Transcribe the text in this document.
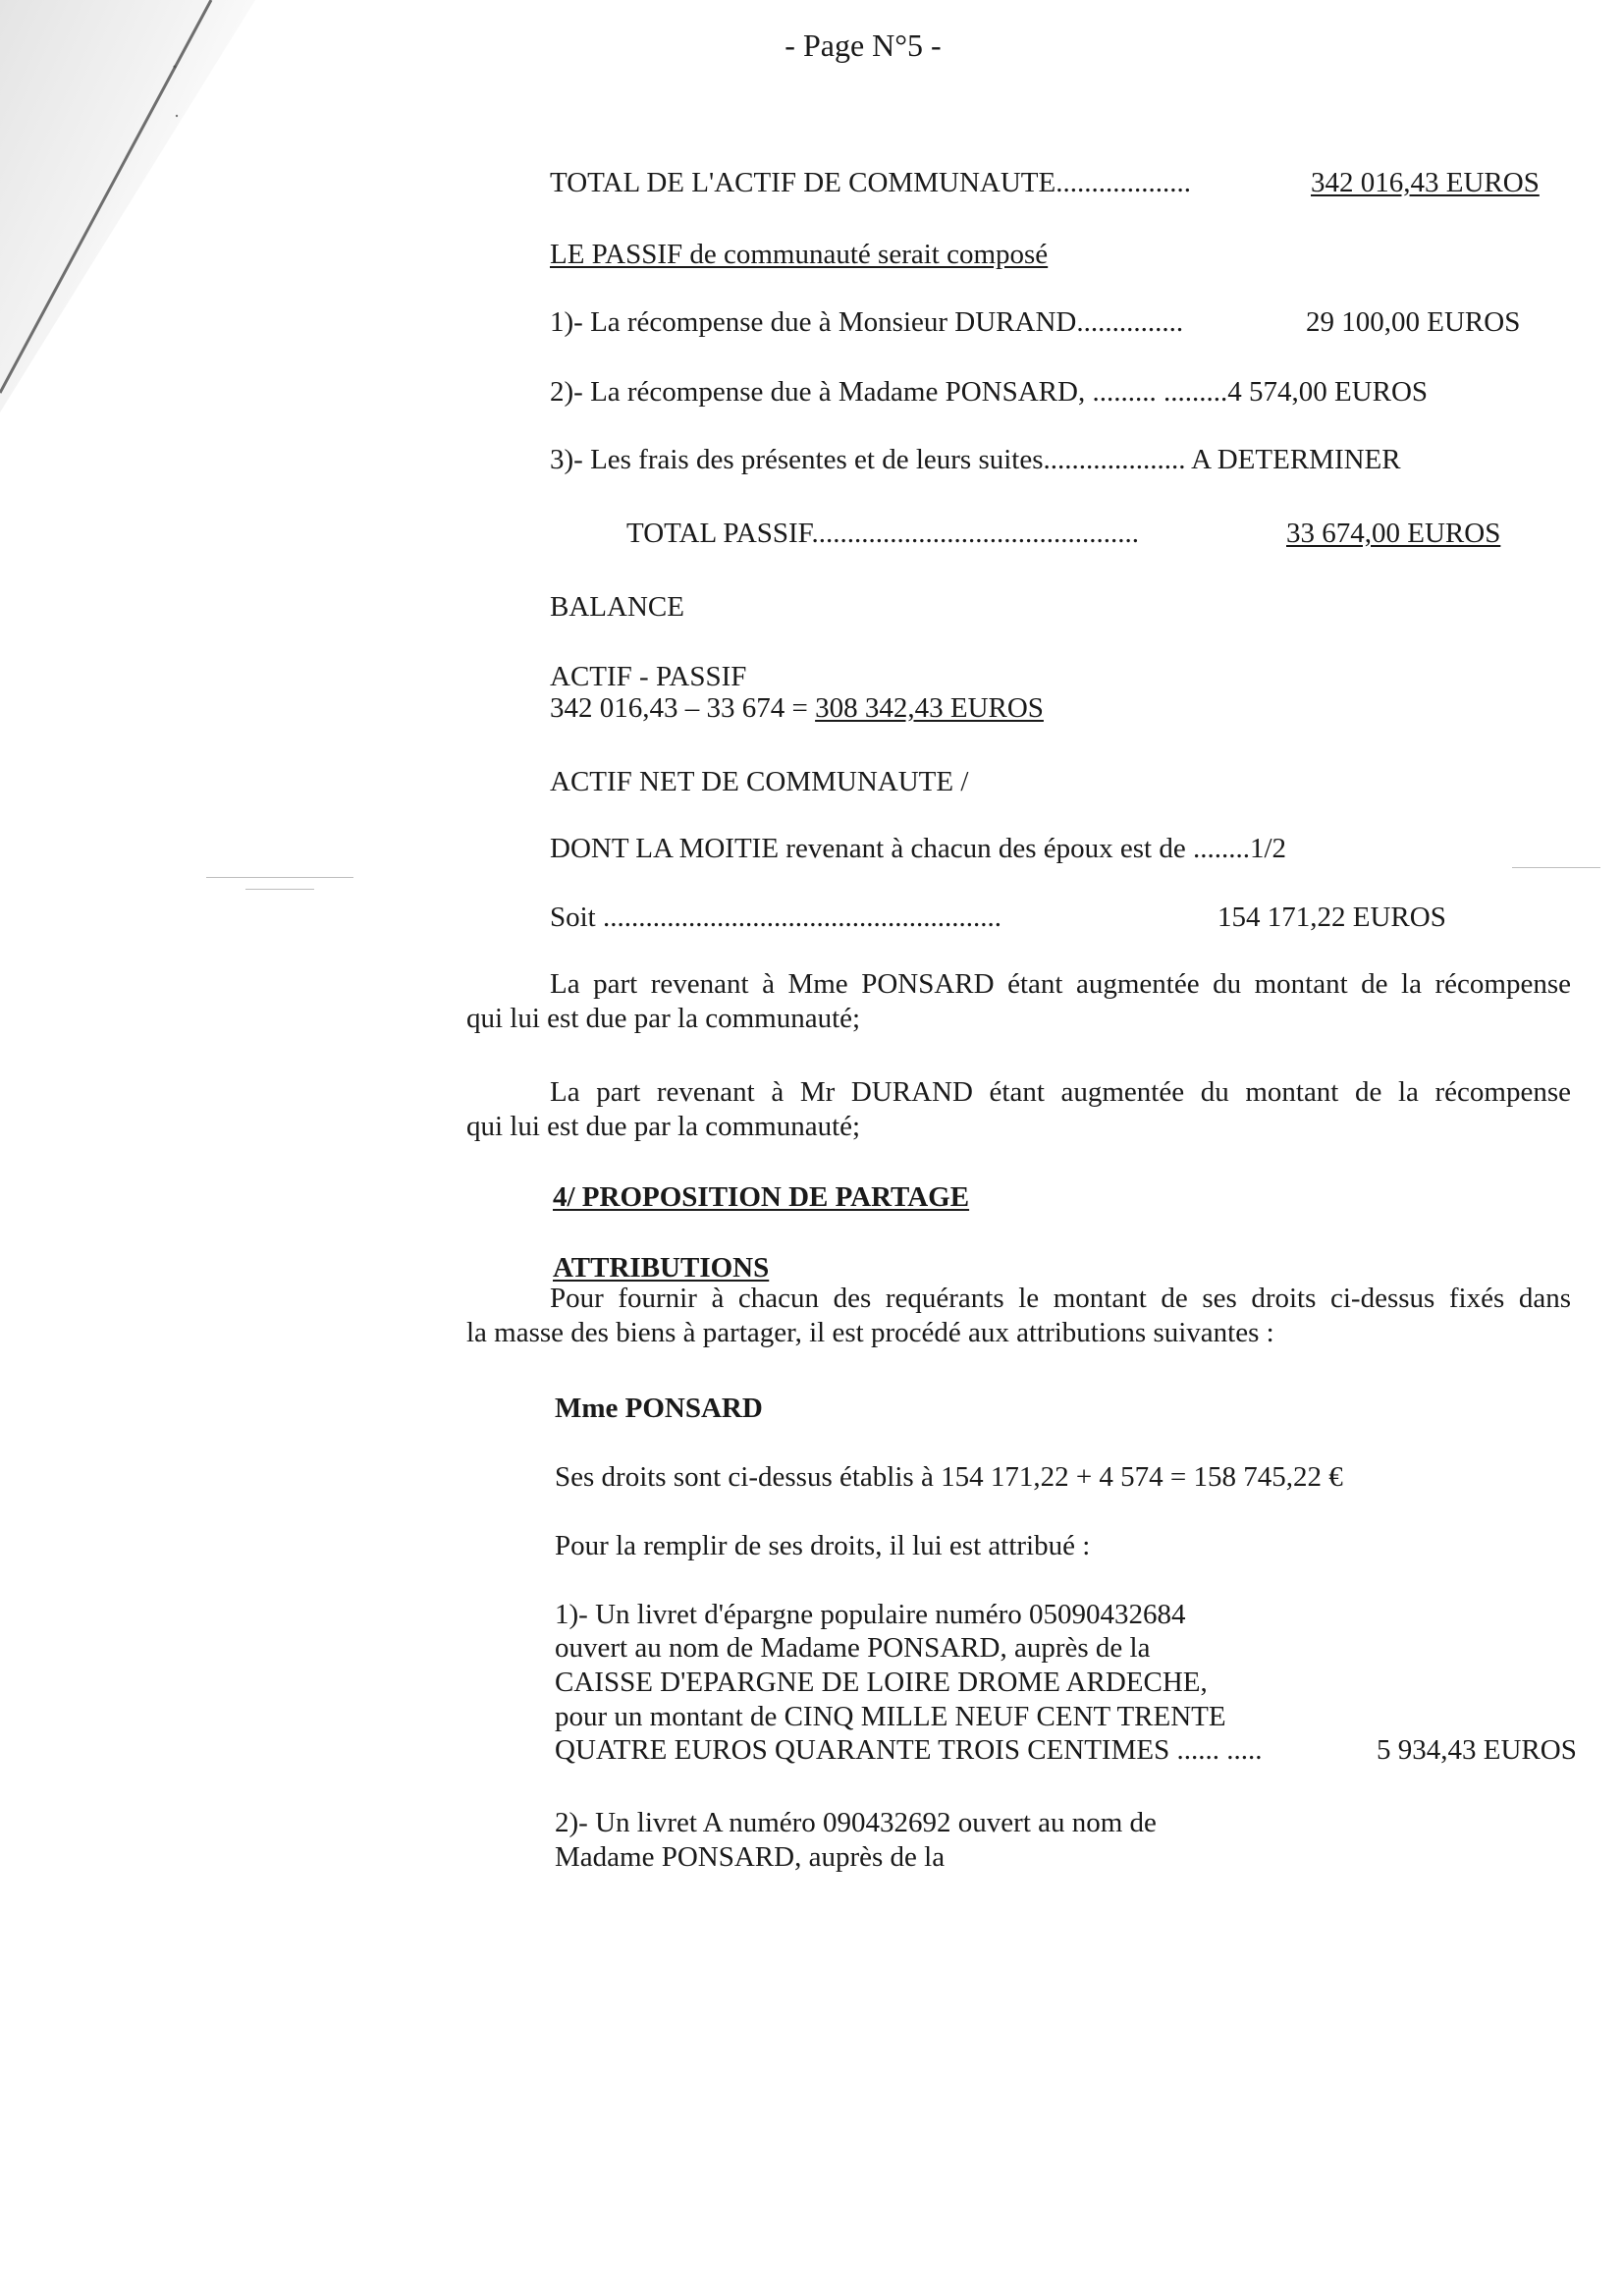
- Page N°5 -
TOTAL DE L'ACTIF DE COMMUNAUTE...................	342 016,43 EUROS
LE PASSIF de communauté serait composé
1)- La récompense due à Monsieur DURAND...............	29 100,00 EUROS
2)- La récompense due à Madame PONSARD, ......... .........4 574,00 EUROS
3)- Les frais des présentes et de leurs suites.................... A DETERMINER
TOTAL PASSIF..............................................	33 674,00 EUROS
BALANCE
ACTIF - PASSIF
342 016,43 – 33 674 = 308 342,43 EUROS
ACTIF NET DE COMMUNAUTE /
DONT LA MOITIE revenant à chacun des époux est de ........1/2
Soit ........................................................	154 171,22 EUROS
La part revenant à Mme PONSARD étant augmentée du montant de la récompense
qui lui est due par la communauté;
La part revenant à Mr DURAND étant augmentée du montant de la récompense
qui lui est due par la communauté;
4/ PROPOSITION DE PARTAGE
ATTRIBUTIONS
Pour fournir à chacun des requérants le montant de ses droits ci-dessus fixés dans
la masse des biens à partager, il est procédé aux attributions suivantes :
Mme PONSARD
Ses droits sont ci-dessus établis à 154 171,22 + 4 574 = 158 745,22 €
Pour la remplir de ses droits, il lui est attribué :
1)- Un livret d'épargne populaire numéro 05090432684
ouvert au nom de Madame PONSARD, auprès de la
CAISSE D'EPARGNE DE LOIRE DROME ARDECHE,
pour un montant de CINQ MILLE NEUF CENT TRENTE
QUATRE EUROS QUARANTE TROIS CENTIMES ...... .....	5 934,43 EUROS
2)- Un livret A numéro 090432692 ouvert au nom de
Madame PONSARD, auprès de la
